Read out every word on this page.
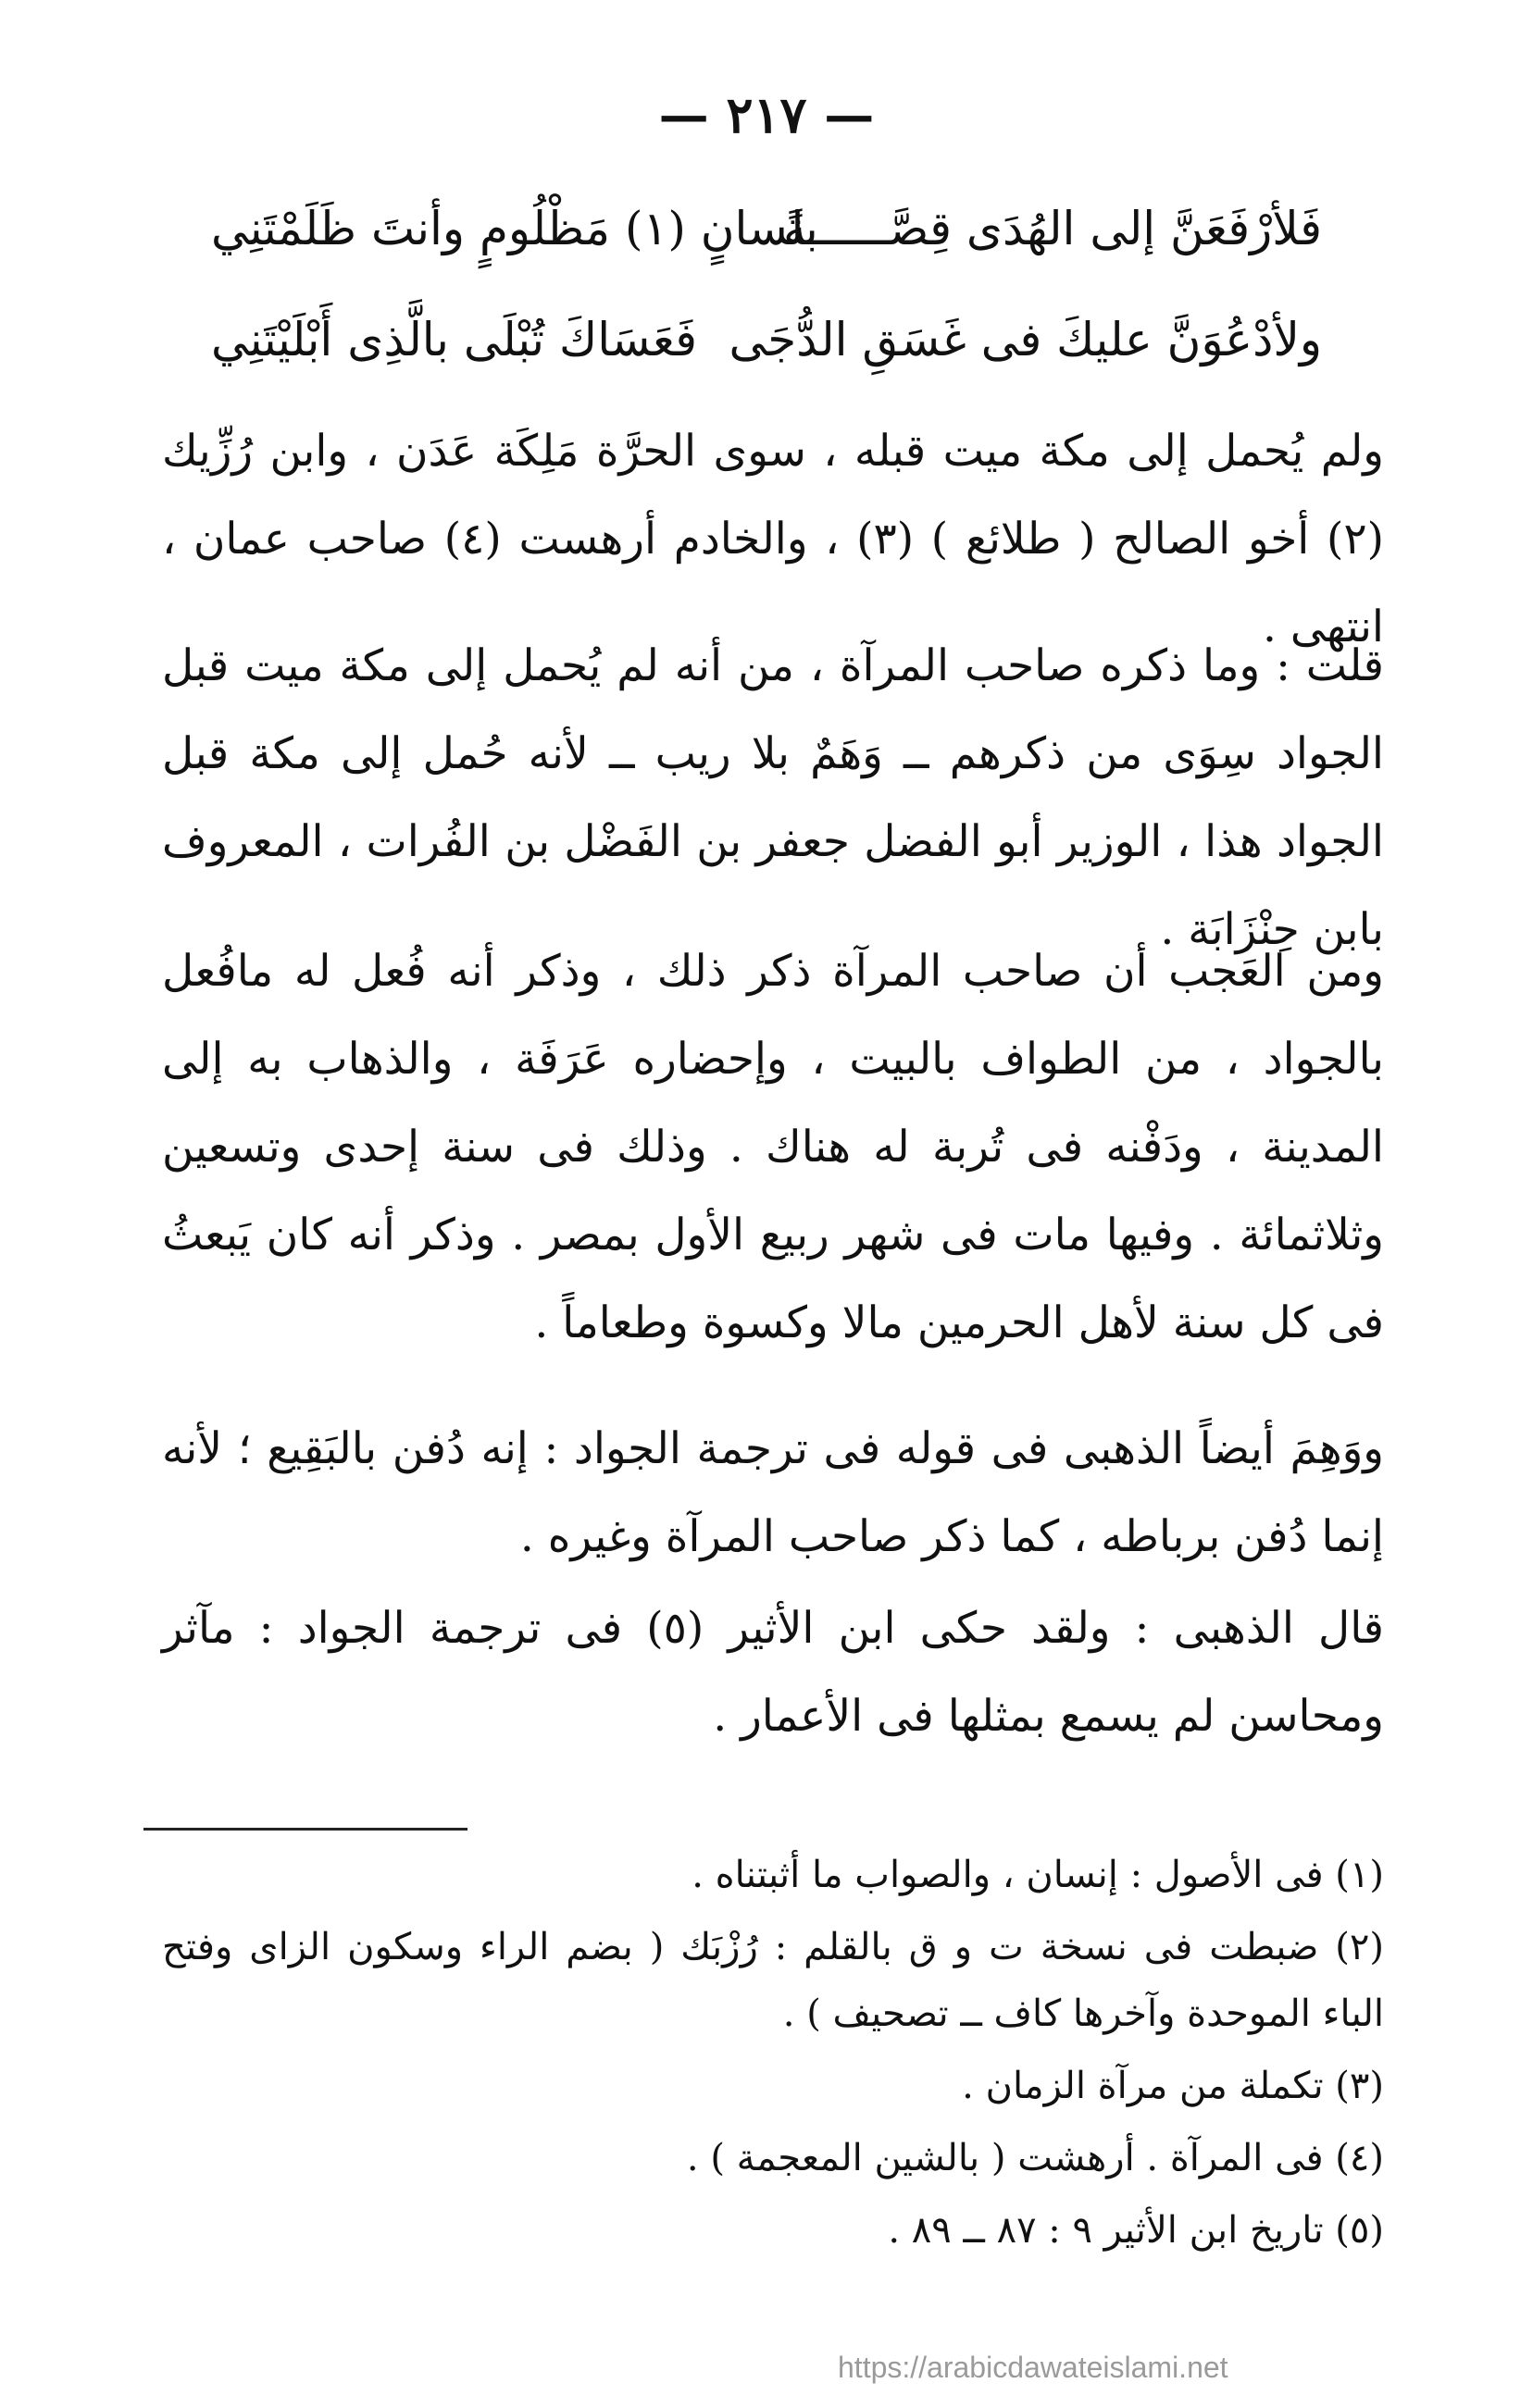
— ٢١٧ —
فَلأرْفَعَنَّ إلى الهُدَى قِصَّــــــةً
بلسانٍ (١) مَظْلُومٍ وأنتَ ظَلَمْتَنِي
ولأدْعُوَنَّ عليكَ فى غَسَقِ الدُّجَى
فَعَسَاكَ تُبْلَى بالَّذِى أَبْلَيْتَنِي

ولم يُحمل إلى مكة ميت قبله ، سوى الحرَّة مَلِكَة عَدَن ، وابن رُزِّيك (٢) أخو الصالح ( طلائع ) (٣) ، والخادم أرهست (٤) صاحب عمان ، انتهى .

قلت : وما ذكره صاحب المرآة ، من أنه لم يُحمل إلى مكة ميت قبل الجواد سِوَى من ذكرهم ــ وَهَمٌ بلا ريب ــ لأنه حُمل إلى مكة قبل الجواد هذا ، الوزير أبو الفضل جعفر بن الفَضْل بن الفُرات ، المعروف بابن حِنْزَابَة .

ومن العَجب أن صاحب المرآة ذكر ذلك ، وذكر أنه فُعل له مافُعل بالجواد ، من الطواف بالبيت ، وإحضاره عَرَفَة ، والذهاب به إلى المدينة ، ودَفْنه فى تُربة له هناك . وذلك فى سنة إحدى وتسعين وثلاثمائة . وفيها مات فى شهر ربيع الأول بمصر . وذكر أنه كان يَبعثُ فى كل سنة لأهل الحرمين مالا وكسوة وطعاماً .

ووَهِمَ أيضاً الذهبى فى قوله فى ترجمة الجواد : إنه دُفن بالبَقِيع ؛ لأنه إنما دُفن برباطه ، كما ذكر صاحب المرآة وغيره .

قال الذهبى : ولقد حكى ابن الأثير (٥) فى ترجمة الجواد : مآثر ومحاسن لم يسمع بمثلها فى الأعمار .

(١) فى الأصول : إنسان ، والصواب ما أثبتناه .
(٢) ضبطت فى نسخة ت و ق بالقلم : رُزْبَك ( بضم الراء وسكون الزاى وفتح الباء الموحدة وآخرها كاف ــ تصحيف ) .
(٣) تكملة من مرآة الزمان .
(٤) فى المرآة . أرهشت ( بالشين المعجمة ) .
(٥) تاريخ ابن الأثير ٩ : ٨٧ ــ ٨٩ .
https://arabicdawateislami.net
